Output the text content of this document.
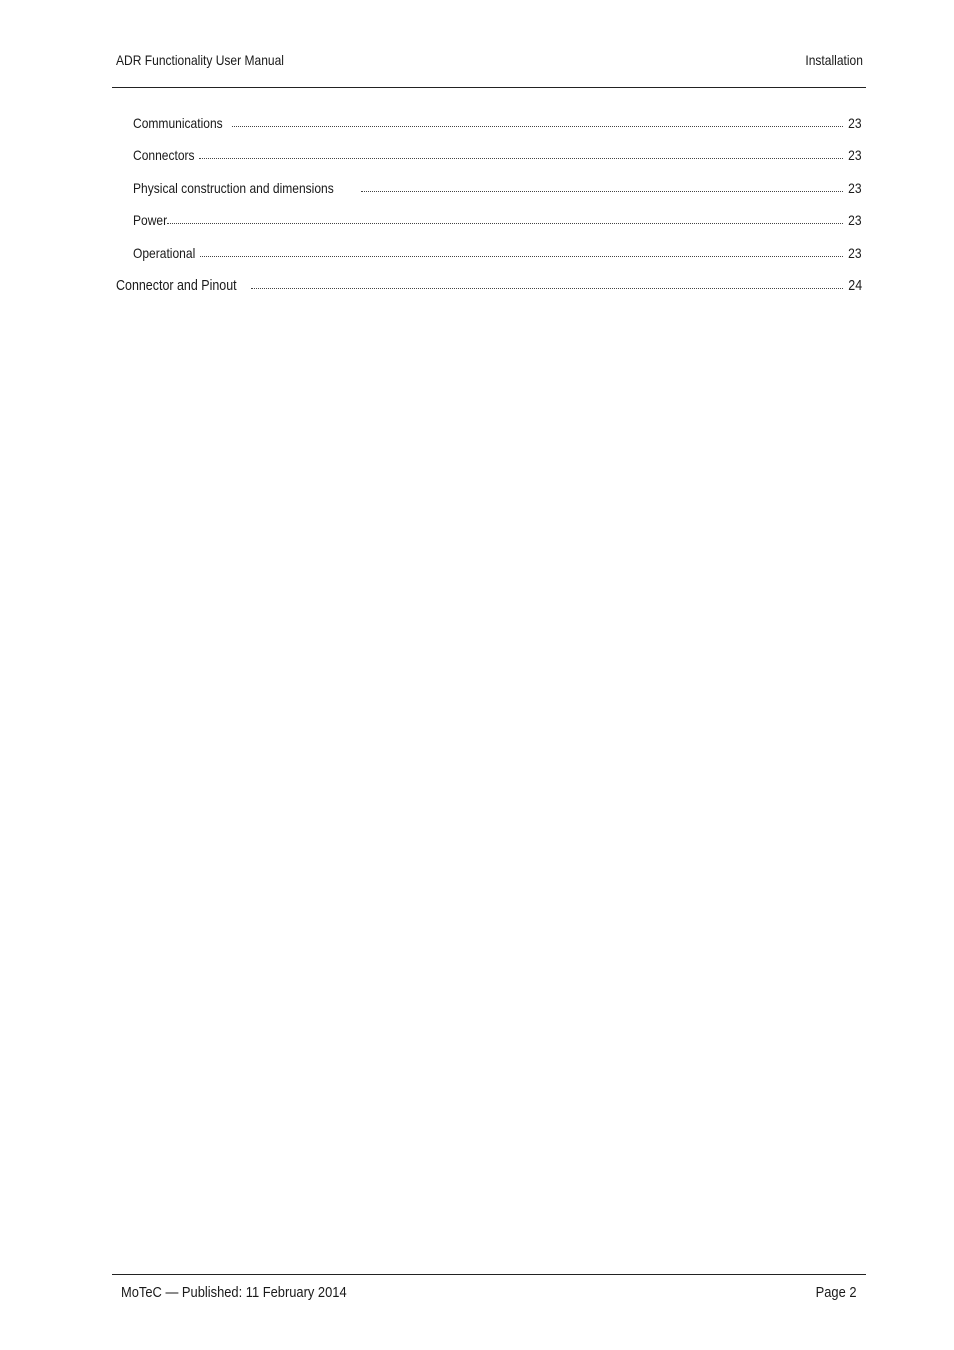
ADR Functionality User Manual	Installation
Communications	23
Connectors	23
Physical construction and dimensions	23
Power	23
Operational	23
Connector and Pinout	24
MoTeC — Published: 11 February 2014	Page 2
